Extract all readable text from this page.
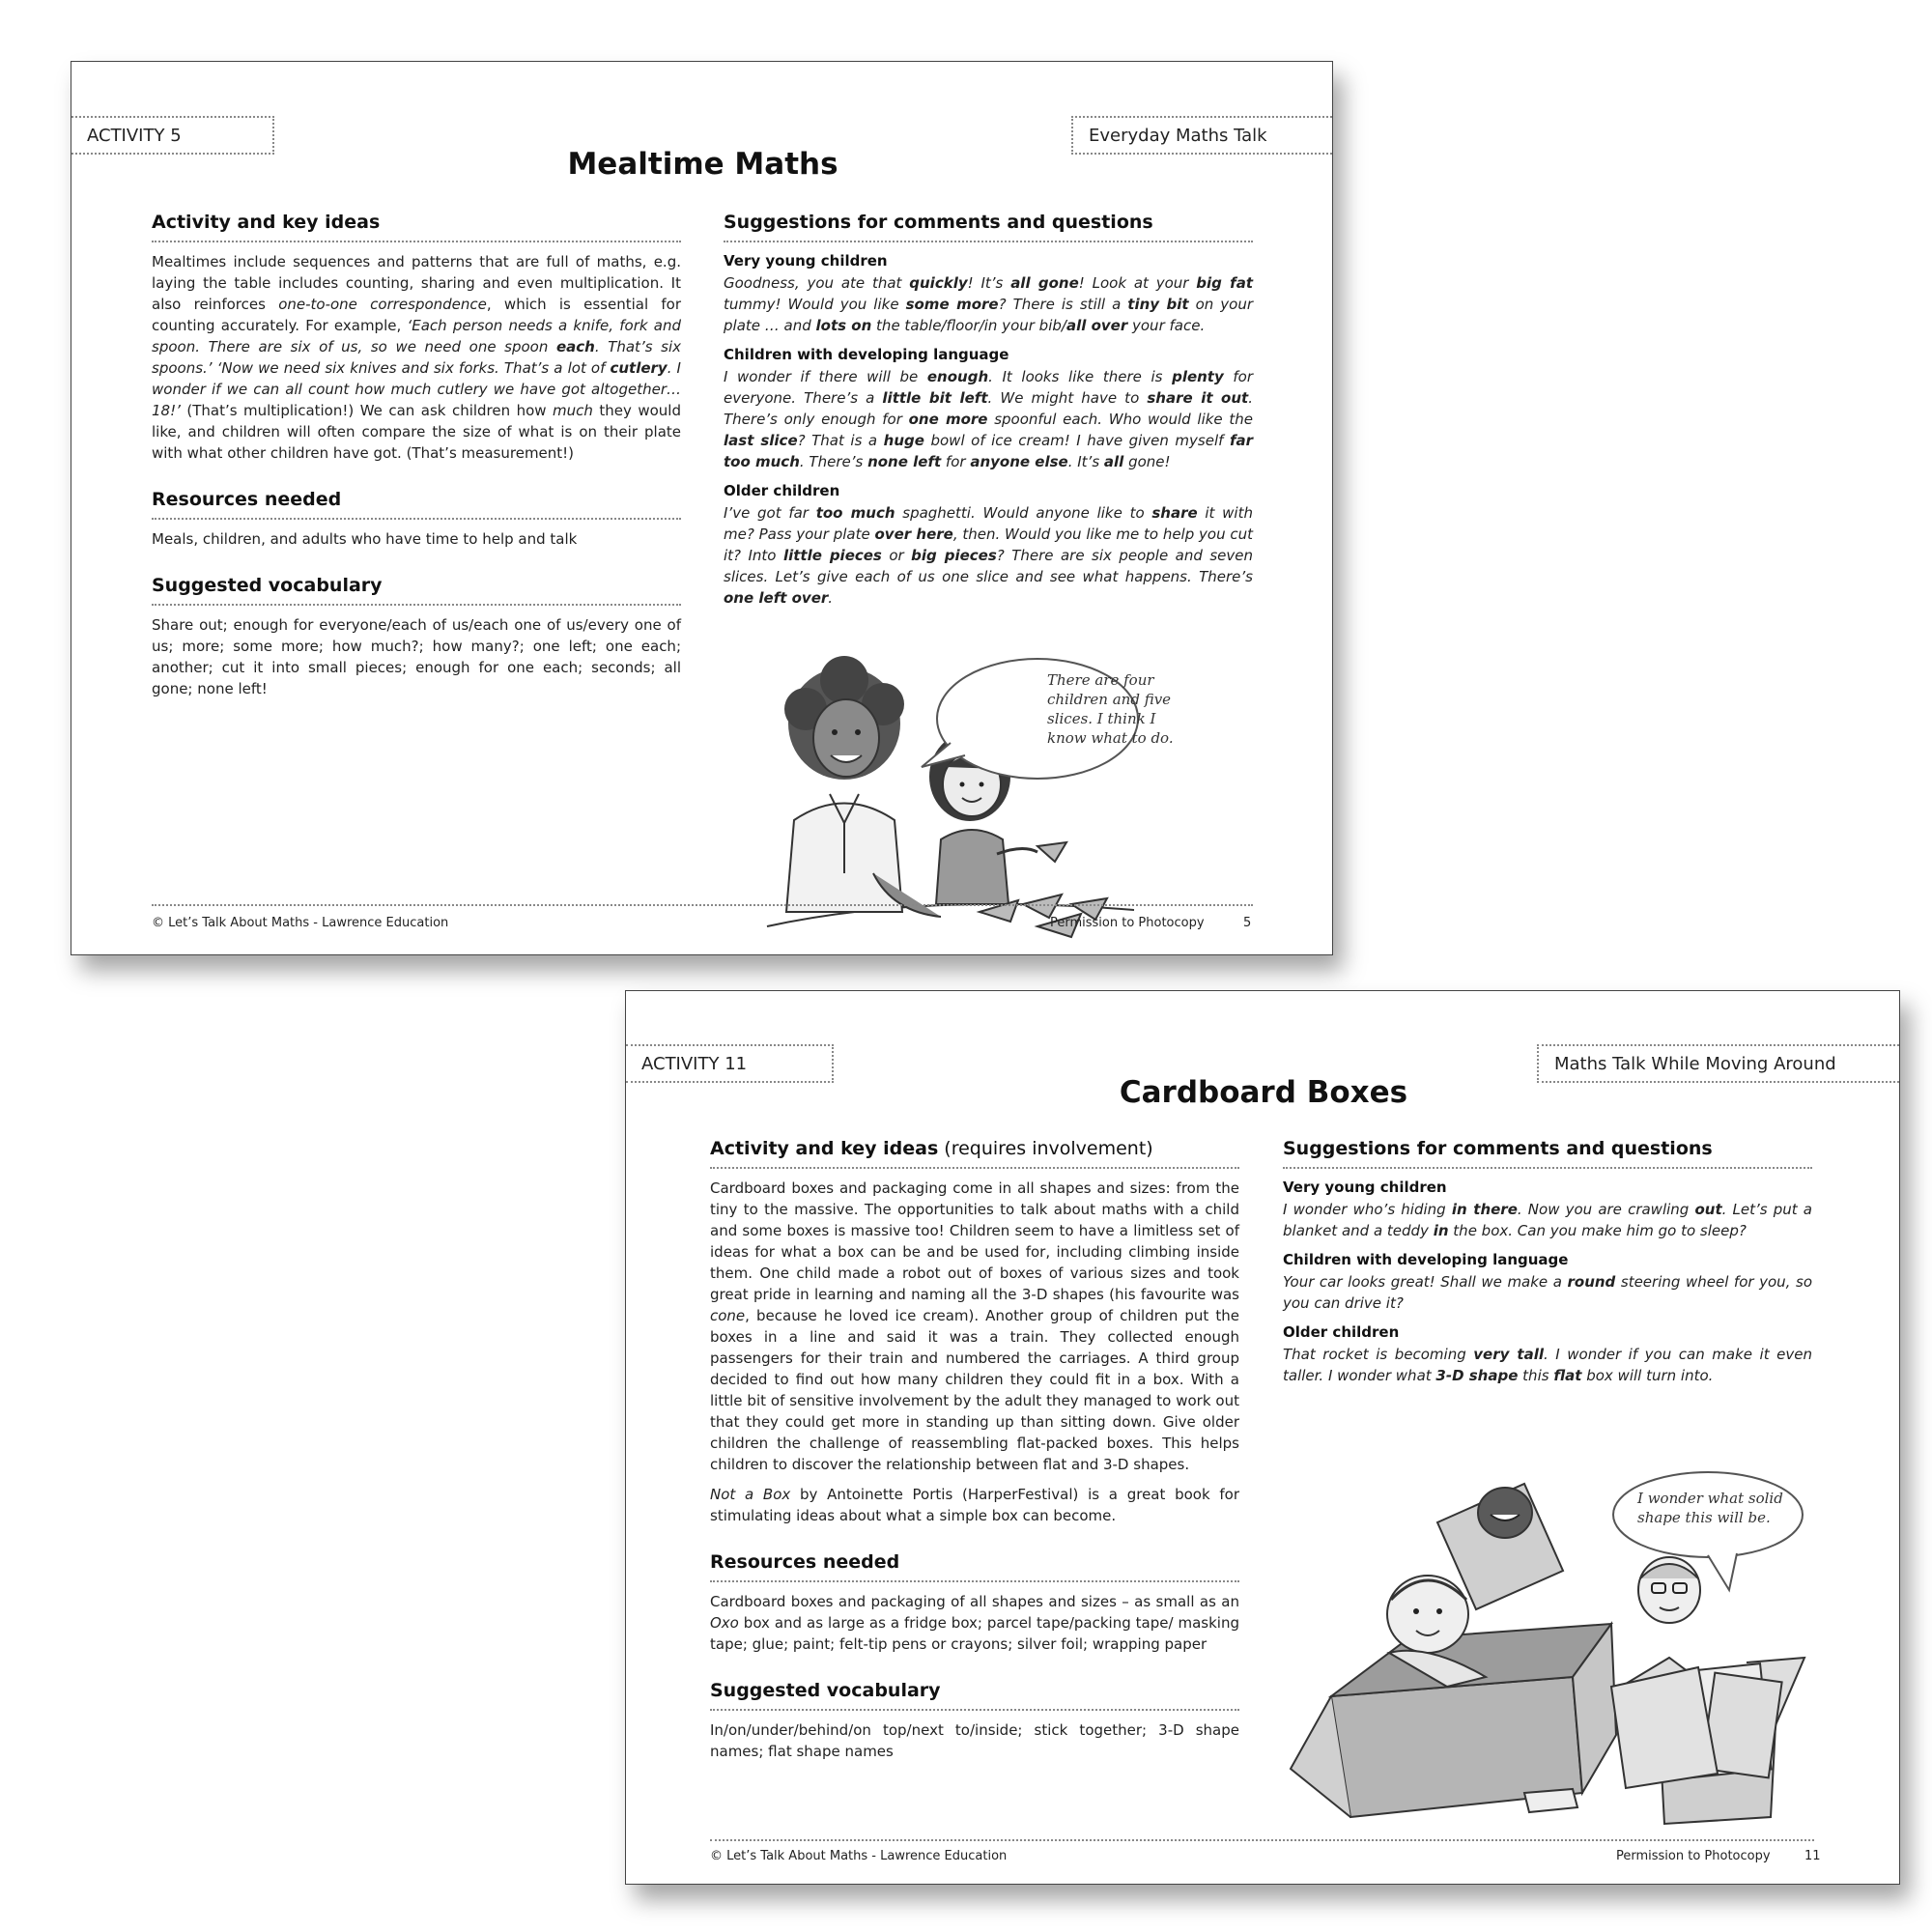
ACTIVITY 5	Everyday Maths Talk
Mealtime Maths
Activity and key ideas

Mealtimes include sequences and patterns that are full of maths, e.g. laying the table includes counting, sharing and even multiplication. It also reinforces one-to-one correspondence, which is essential for counting accurately. For example, ‘Each person needs a knife, fork and spoon. There are six of us, so we need one spoon each. That’s six spoons.’ ‘Now we need six knives and six forks. That’s a lot of cutlery. I wonder if we can all count how much cutlery we have got altogether… 18!’ (That’s multiplication!) We can ask children how much they would like, and children will often compare the size of what is on their plate with what other children have got. (That’s measurement!)

Resources needed

Meals, children, and adults who have time to help and talk

Suggested vocabulary

Share out; enough for everyone/each of us/each one of us/every one of us; more; some more; how much?; how many?; one left; one each; another; cut it into small pieces; enough for one each; seconds; all gone; none left!

Suggestions for comments and questions
Very young children

Goodness, you ate that quickly! It’s all gone! Look at your big fat tummy! Would you like some more? There is still a tiny bit on your plate … and lots on the table/floor/in your bib/all over your face.

Children with developing language

I wonder if there will be enough. It looks like there is plenty for everyone. There’s a little bit left. We might have to share it out. There’s only enough for one more spoonful each. Who would like the last slice? That is a huge bowl of ice cream! I have given myself far too much. There’s none left for anyone else. It’s all gone!

Older children

I’ve got far too much spaghetti. Would anyone like to share it with me? Pass your plate over here, then. Would you like me to help you cut it? Into little pieces or big pieces? There are six people and seven slices. Let’s give each of us one slice and see what happens. There’s one left over.

There are four
children and five
slices. I think I
know what to do.
© Let’s Talk About Maths - Lawrence Education	Permission to Photocopy	5
ACTIVITY 11	Maths Talk While Moving Around
Cardboard Boxes
Activity and key ideas (requires involvement)

Cardboard boxes and packaging come in all shapes and sizes: from the tiny to the massive. The opportunities to talk about maths with a child and some boxes is massive too! Children seem to have a limitless set of ideas for what a box can be and be used for, including climbing inside them. One child made a robot out of boxes of various sizes and took great pride in learning and naming all the 3-D shapes (his favourite was cone, because he loved ice cream). Another group of children put the boxes in a line and said it was a train. They collected enough passengers for their train and numbered the carriages. A third group decided to find out how many children they could fit in a box. With a little bit of sensitive involvement by the adult they managed to work out that they could get more in standing up than sitting down. Give older children the challenge of reassembling flat-packed boxes. This helps children to discover the relationship between flat and 3-D shapes.

Not a Box by Antoinette Portis (HarperFestival) is a great book for stimulating ideas about what a simple box can become.

Resources needed

Cardboard boxes and packaging of all shapes and sizes – as small as an Oxo box and as large as a fridge box; parcel tape/packing tape/ masking tape; glue; paint; felt-tip pens or crayons; silver foil; wrapping paper

Suggested vocabulary

In/on/under/behind/on top/next to/inside; stick together; 3-D shape names; flat shape names

Suggestions for comments and questions
Very young children

I wonder who’s hiding in there. Now you are crawling out. Let’s put a blanket and a teddy in the box. Can you make him go to sleep?

Children with developing language

Your car looks great! Shall we make a round steering wheel for you, so you can drive it?

Older children

That rocket is becoming very tall. I wonder if you can make it even taller. I wonder what 3-D shape this flat box will turn into.

I wonder what solid
shape this will be.
© Let’s Talk About Maths - Lawrence Education	Permission to Photocopy	11
